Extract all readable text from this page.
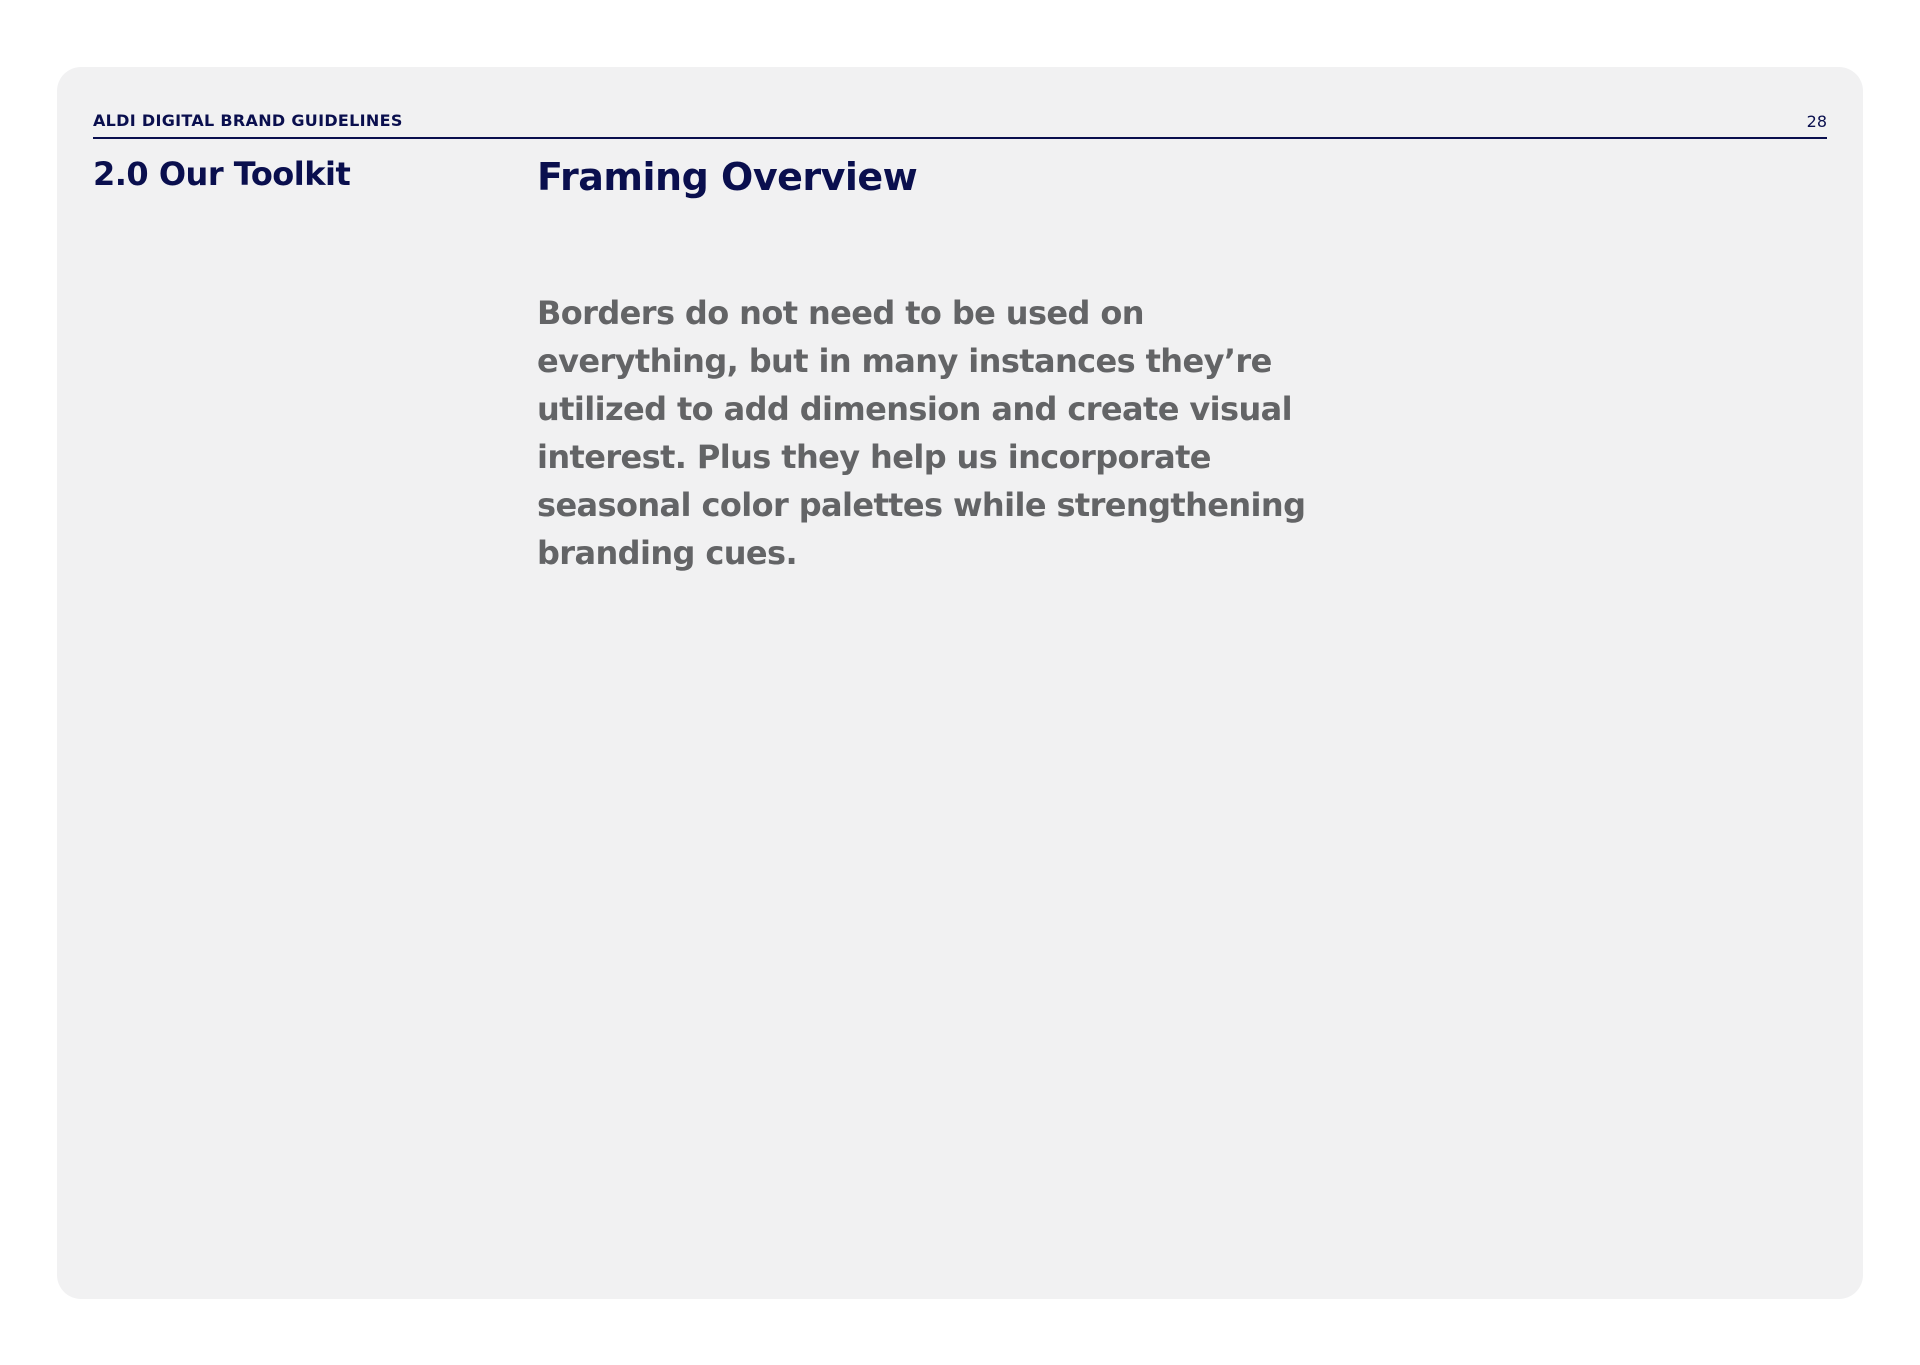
ALDI DIGITAL BRAND GUIDELINES	28
2.0 Our Toolkit	Framing Overview

Borders do not need to be used on everything, but in many instances they’re utilized to add dimension and create visual interest. Plus they help us incorporate seasonal color palettes while strengthening branding cues.
